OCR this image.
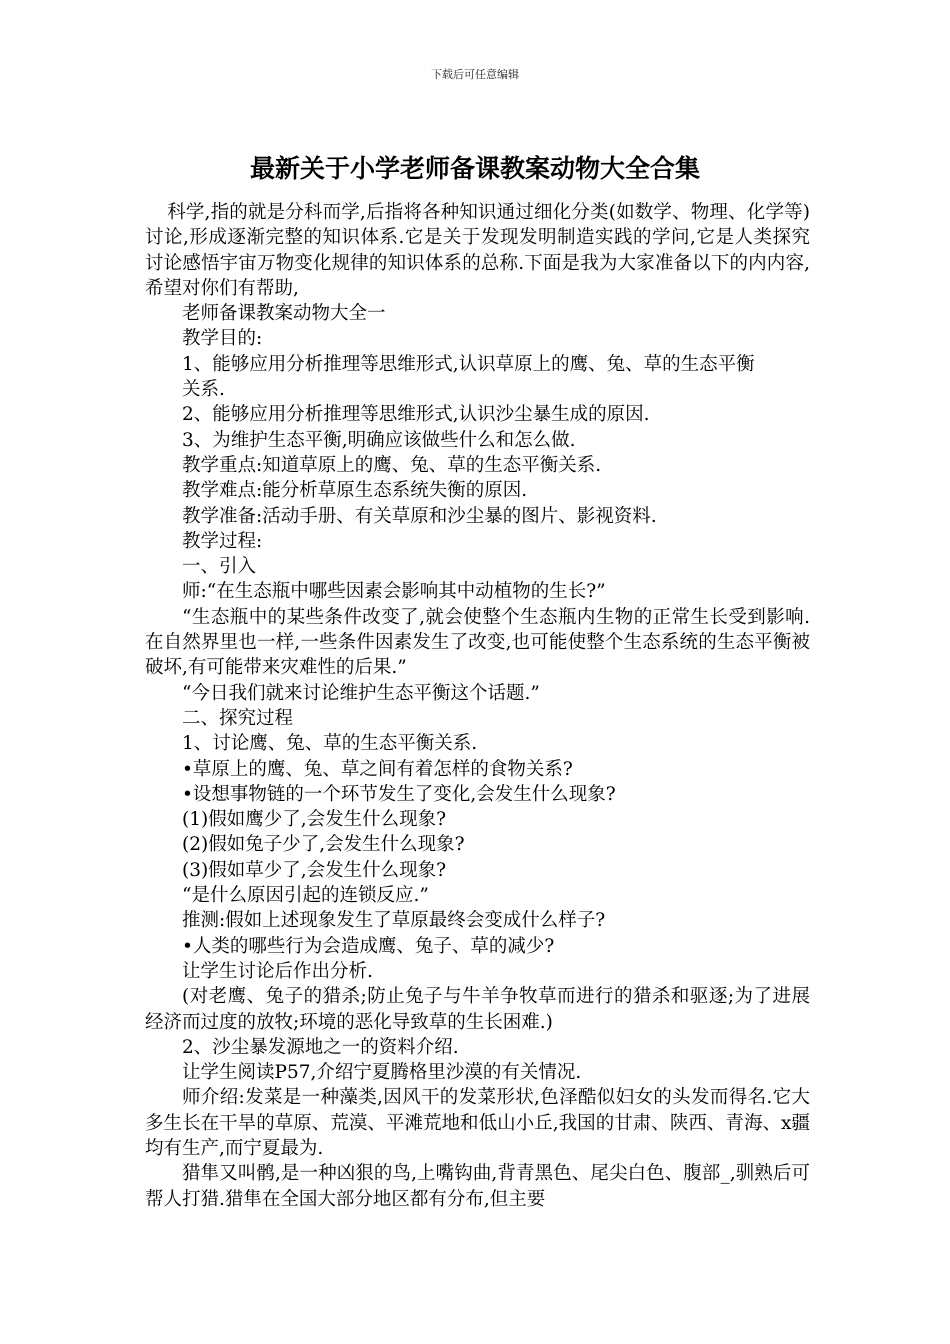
下载后可任意编辑
最新关于小学老师备课教案动物大全合集

科学,指的就是分科而学,后指将各种知识通过细化分类(如数学、物理、化学等)讨论,形成逐渐完整的知识体系.它是关于发现发明制造实践的学问,它是人类探究讨论感悟宇宙万物变化规律的知识体系的总称.下面是我为大家准备以下的内内容,希望对你们有帮助,

老师备课教案动物大全一

教学目的:

1、能够应用分析推理等思维形式,认识草原上的鹰、兔、草的生态平衡

关系.

2、能够应用分析推理等思维形式,认识沙尘暴生成的原因.

3、为维护生态平衡,明确应该做些什么和怎么做.

教学重点:知道草原上的鹰、兔、草的生态平衡关系.

教学难点:能分析草原生态系统失衡的原因.

教学准备:活动手册、有关草原和沙尘暴的图片、影视资料.

教学过程:

一、引入

师:“在生态瓶中哪些因素会影响其中动植物的生长?”

“生态瓶中的某些条件改变了,就会使整个生态瓶内生物的正常生长受到影响.在自然界里也一样,一些条件因素发生了改变,也可能使整个生态系统的生态平衡被破坏,有可能带来灾难性的后果.”

“今日我们就来讨论维护生态平衡这个话题.”

二、探究过程

1、讨论鹰、兔、草的生态平衡关系.

•草原上的鹰、兔、草之间有着怎样的食物关系?

•设想事物链的一个环节发生了变化,会发生什么现象?

(1)假如鹰少了,会发生什么现象?

(2)假如兔子少了,会发生什么现象?

(3)假如草少了,会发生什么现象?

“是什么原因引起的连锁反应.”

推测:假如上述现象发生了草原最终会变成什么样子?

•人类的哪些行为会造成鹰、兔子、草的减少?

让学生讨论后作出分析.

(对老鹰、兔子的猎杀;防止兔子与牛羊争牧草而进行的猎杀和驱逐;为了进展经济而过度的放牧;环境的恶化导致草的生长困难.)

2、沙尘暴发源地之一的资料介绍.

让学生阅读P57,介绍宁夏腾格里沙漠的有关情况.

师介绍:发菜是一种藻类,因风干的发菜形状,色泽酷似妇女的头发而得名.它大多生长在干旱的草原、荒漠、平滩荒地和低山小丘,我国的甘肃、陕西、青海、x疆均有生产,而宁夏最为.

猎隼又叫鹘,是一种凶狠的鸟,上嘴钩曲,背青黑色、尾尖白色、腹部_,驯熟后可帮人打猎.猎隼在全国大部分地区都有分布,但主要
